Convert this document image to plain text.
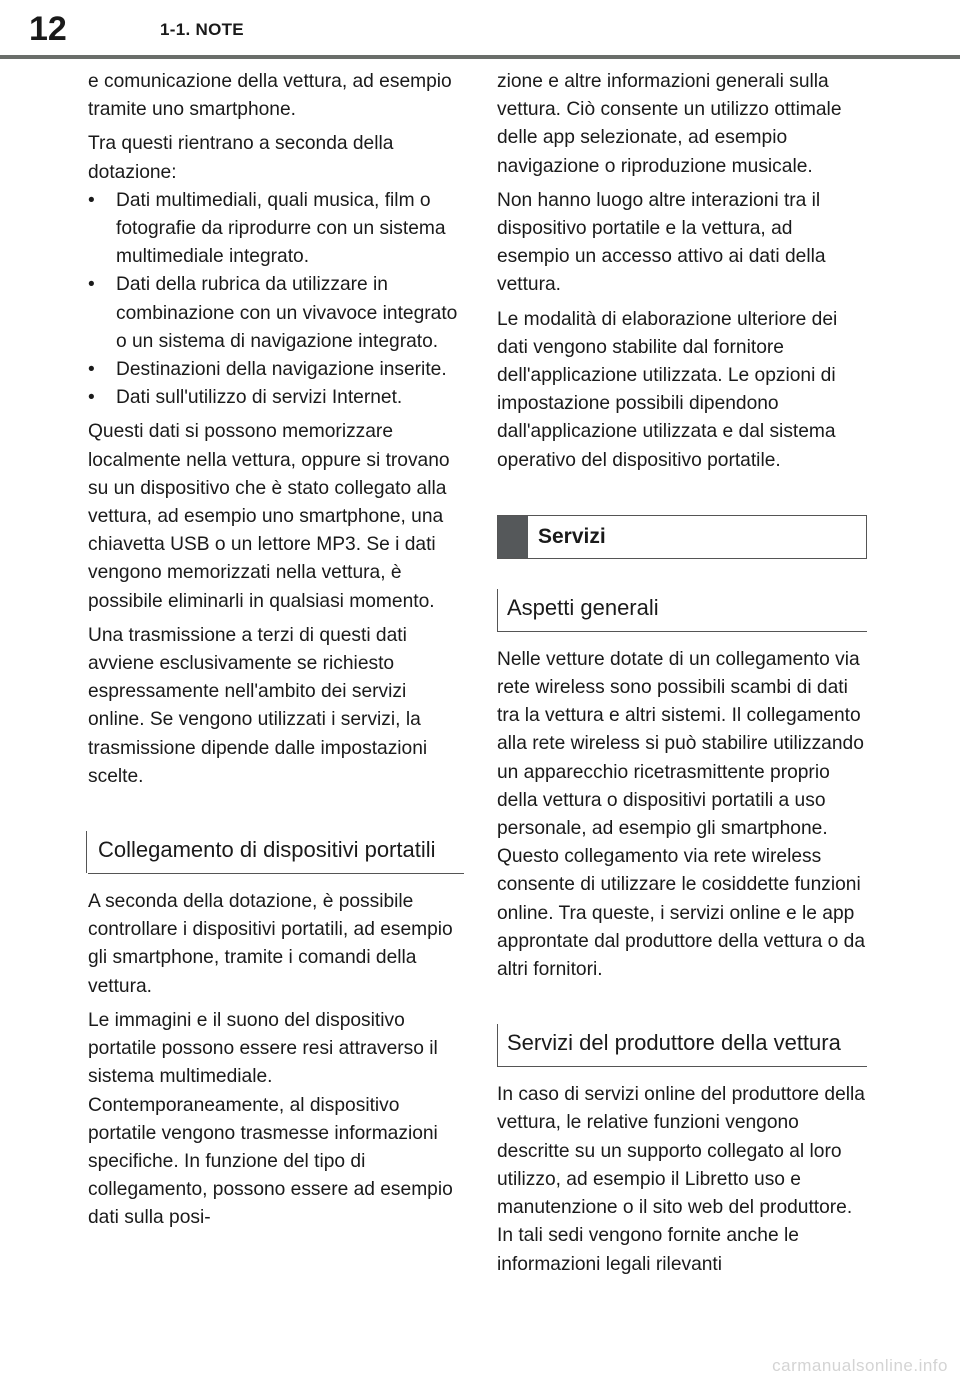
12	1-1. NOTE

e comunicazione della vettura, ad esempio tramite uno smartphone.

Tra questi rientrano a seconda della dotazione:

• Dati multimediali, quali musica, film o fotografie da riprodurre con un sistema multimediale integrato.
• Dati della rubrica da utilizzare in combinazione con un vivavoce integrato o un sistema di navigazione integrato.
• Destinazioni della navigazione inserite.
• Dati sull'utilizzo di servizi Internet.

Questi dati si possono memorizzare localmente nella vettura, oppure si trovano su un dispositivo che è stato collegato alla vettura, ad esempio uno smartphone, una chiavetta USB o un lettore MP3. Se i dati vengono memorizzati nella vettura, è possibile eliminarli in qualsiasi momento.

Una trasmissione a terzi di questi dati avviene esclusivamente se richiesto espressamente nell'ambito dei servizi online. Se vengono utilizzati i servizi, la trasmissione dipende dalle impostazioni scelte.

Collegamento di dispositivi portatili

A seconda della dotazione, è possibile controllare i dispositivi portatili, ad esempio gli smartphone, tramite i comandi della vettura.

Le immagini e il suono del dispositivo portatile possono essere resi attraverso il sistema multimediale. Contemporaneamente, al dispositivo portatile vengono trasmesse informazioni specifiche. In funzione del tipo di collegamento, possono essere ad esempio dati sulla posi-

zione e altre informazioni generali sulla vettura. Ciò consente un utilizzo ottimale delle app selezionate, ad esempio navigazione o riproduzione musicale.

Non hanno luogo altre interazioni tra il dispositivo portatile e la vettura, ad esempio un accesso attivo ai dati della vettura.

Le modalità di elaborazione ulteriore dei dati vengono stabilite dal fornitore dell'applicazione utilizzata. Le opzioni di impostazione possibili dipendono dall'applicazione utilizzata e dal sistema operativo del dispositivo portatile.

Servizi
Aspetti generali

Nelle vetture dotate di un collegamento via rete wireless sono possibili scambi di dati tra la vettura e altri sistemi. Il collegamento alla rete wireless si può stabilire utilizzando un apparecchio ricetrasmittente proprio della vettura o dispositivi portatili a uso personale, ad esempio gli smartphone. Questo collegamento via rete wireless consente di utilizzare le cosiddette funzioni online. Tra queste, i servizi online e le app approntate dal produttore della vettura o da altri fornitori.

Servizi del produttore della vettura

In caso di servizi online del produttore della vettura, le relative funzioni vengono descritte su un supporto collegato al loro utilizzo, ad esempio il Libretto uso e manutenzione o il sito web del produttore. In tali sedi vengono fornite anche le informazioni legali rilevanti

carmanualsonline.info
